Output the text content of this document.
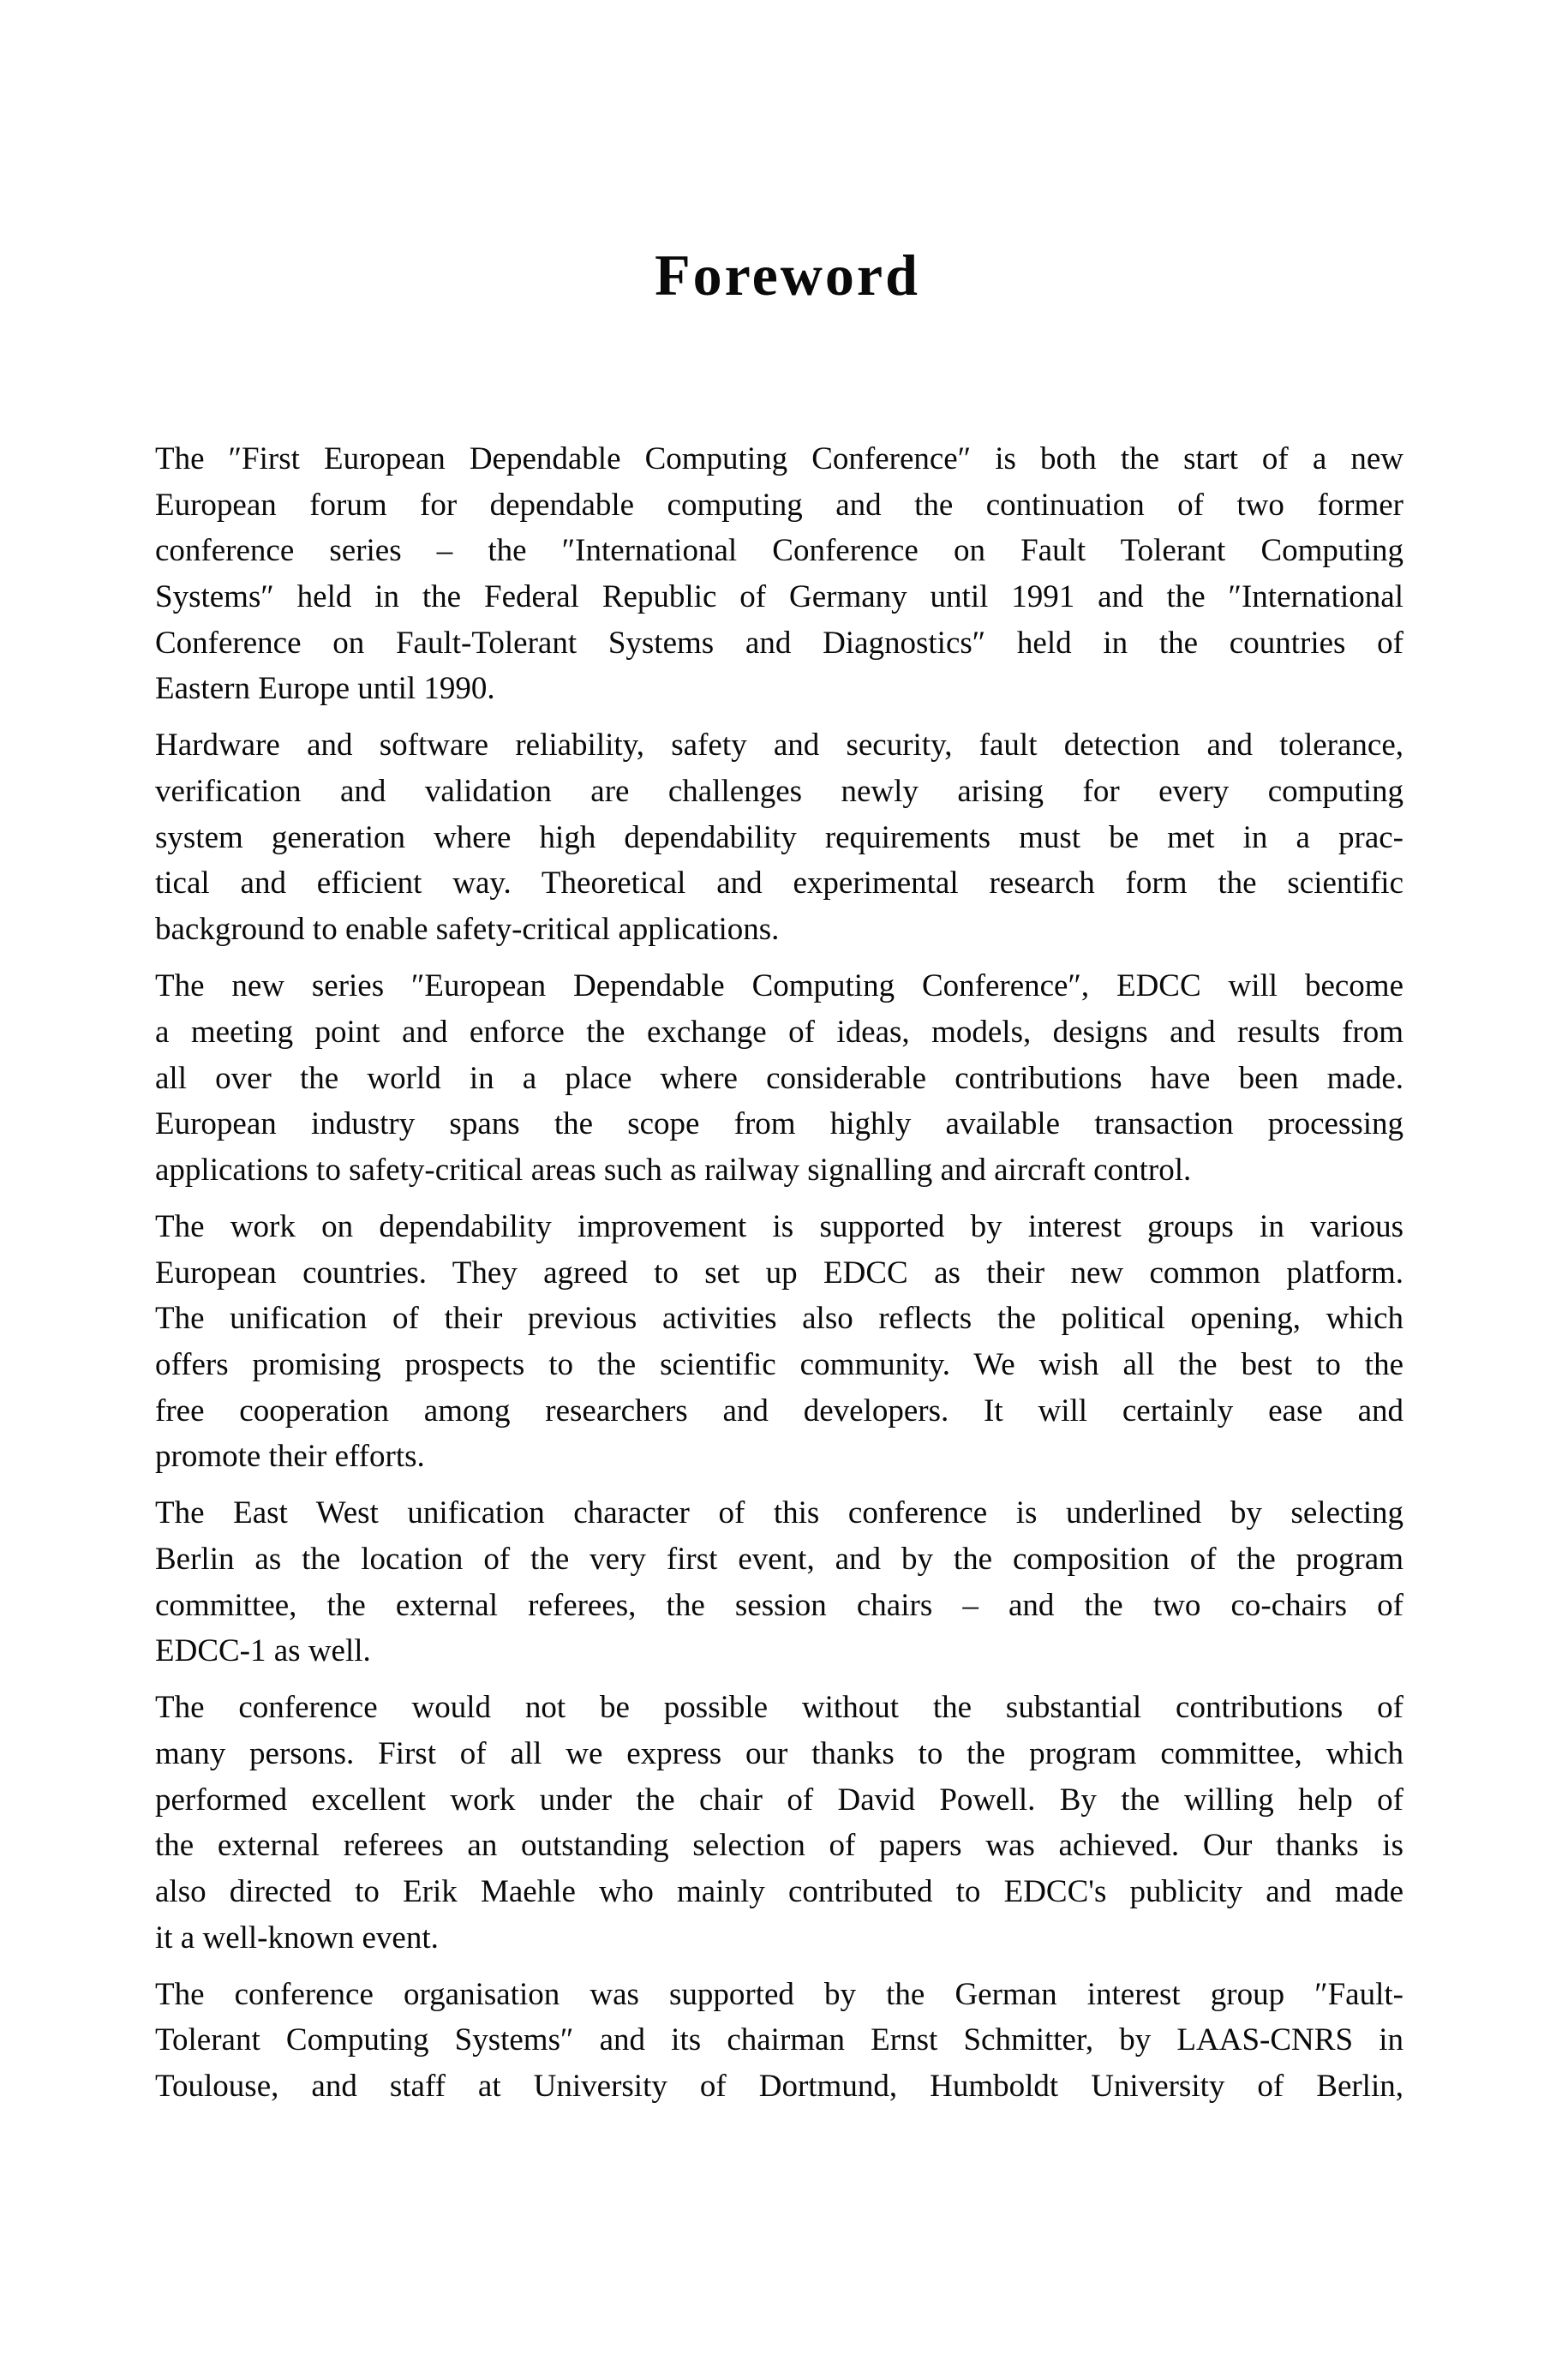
Foreword
The ″First European Dependable Computing Conference″ is both the start of a new
European forum for dependable computing and the continuation of two former
conference series – the ″International Conference on Fault Tolerant Computing
Systems″ held in the Federal Republic of Germany until 1991 and the ″International
Conference on Fault-Tolerant Systems and Diagnostics″ held in the countries of
Eastern Europe until 1990.
Hardware and software reliability, safety and security, fault detection and tolerance,
verification and validation are challenges newly arising for every computing
system generation where high dependability requirements must be met in a prac-
tical and efficient way. Theoretical and experimental research form the scientific
background to enable safety-critical applications.
The new series ″European Dependable Computing Conference″, EDCC will become
a meeting point and enforce the exchange of ideas, models, designs and results from
all over the world in a place where considerable contributions have been made.
European industry spans the scope from highly available transaction processing
applications to safety-critical areas such as railway signalling and aircraft control.
The work on dependability improvement is supported by interest groups in various
European countries. They agreed to set up EDCC as their new common platform.
The unification of their previous activities also reflects the political opening, which
offers promising prospects to the scientific community. We wish all the best to the
free cooperation among researchers and developers. It will certainly ease and
promote their efforts.
The East West unification character of this conference is underlined by selecting
Berlin as the location of the very first event, and by the composition of the program
committee, the external referees, the session chairs – and the two co-chairs of
EDCC-1 as well.
The conference would not be possible without the substantial contributions of
many persons. First of all we express our thanks to the program committee, which
performed excellent work under the chair of David Powell. By the willing help of
the external referees an outstanding selection of papers was achieved. Our thanks is
also directed to Erik Maehle who mainly contributed to EDCC's publicity and made
it a well-known event.
The conference organisation was supported by the German interest group ″Fault-
Tolerant Computing Systems″ and its chairman Ernst Schmitter, by LAAS-CNRS in
Toulouse, and staff at University of Dortmund, Humboldt University of Berlin,
